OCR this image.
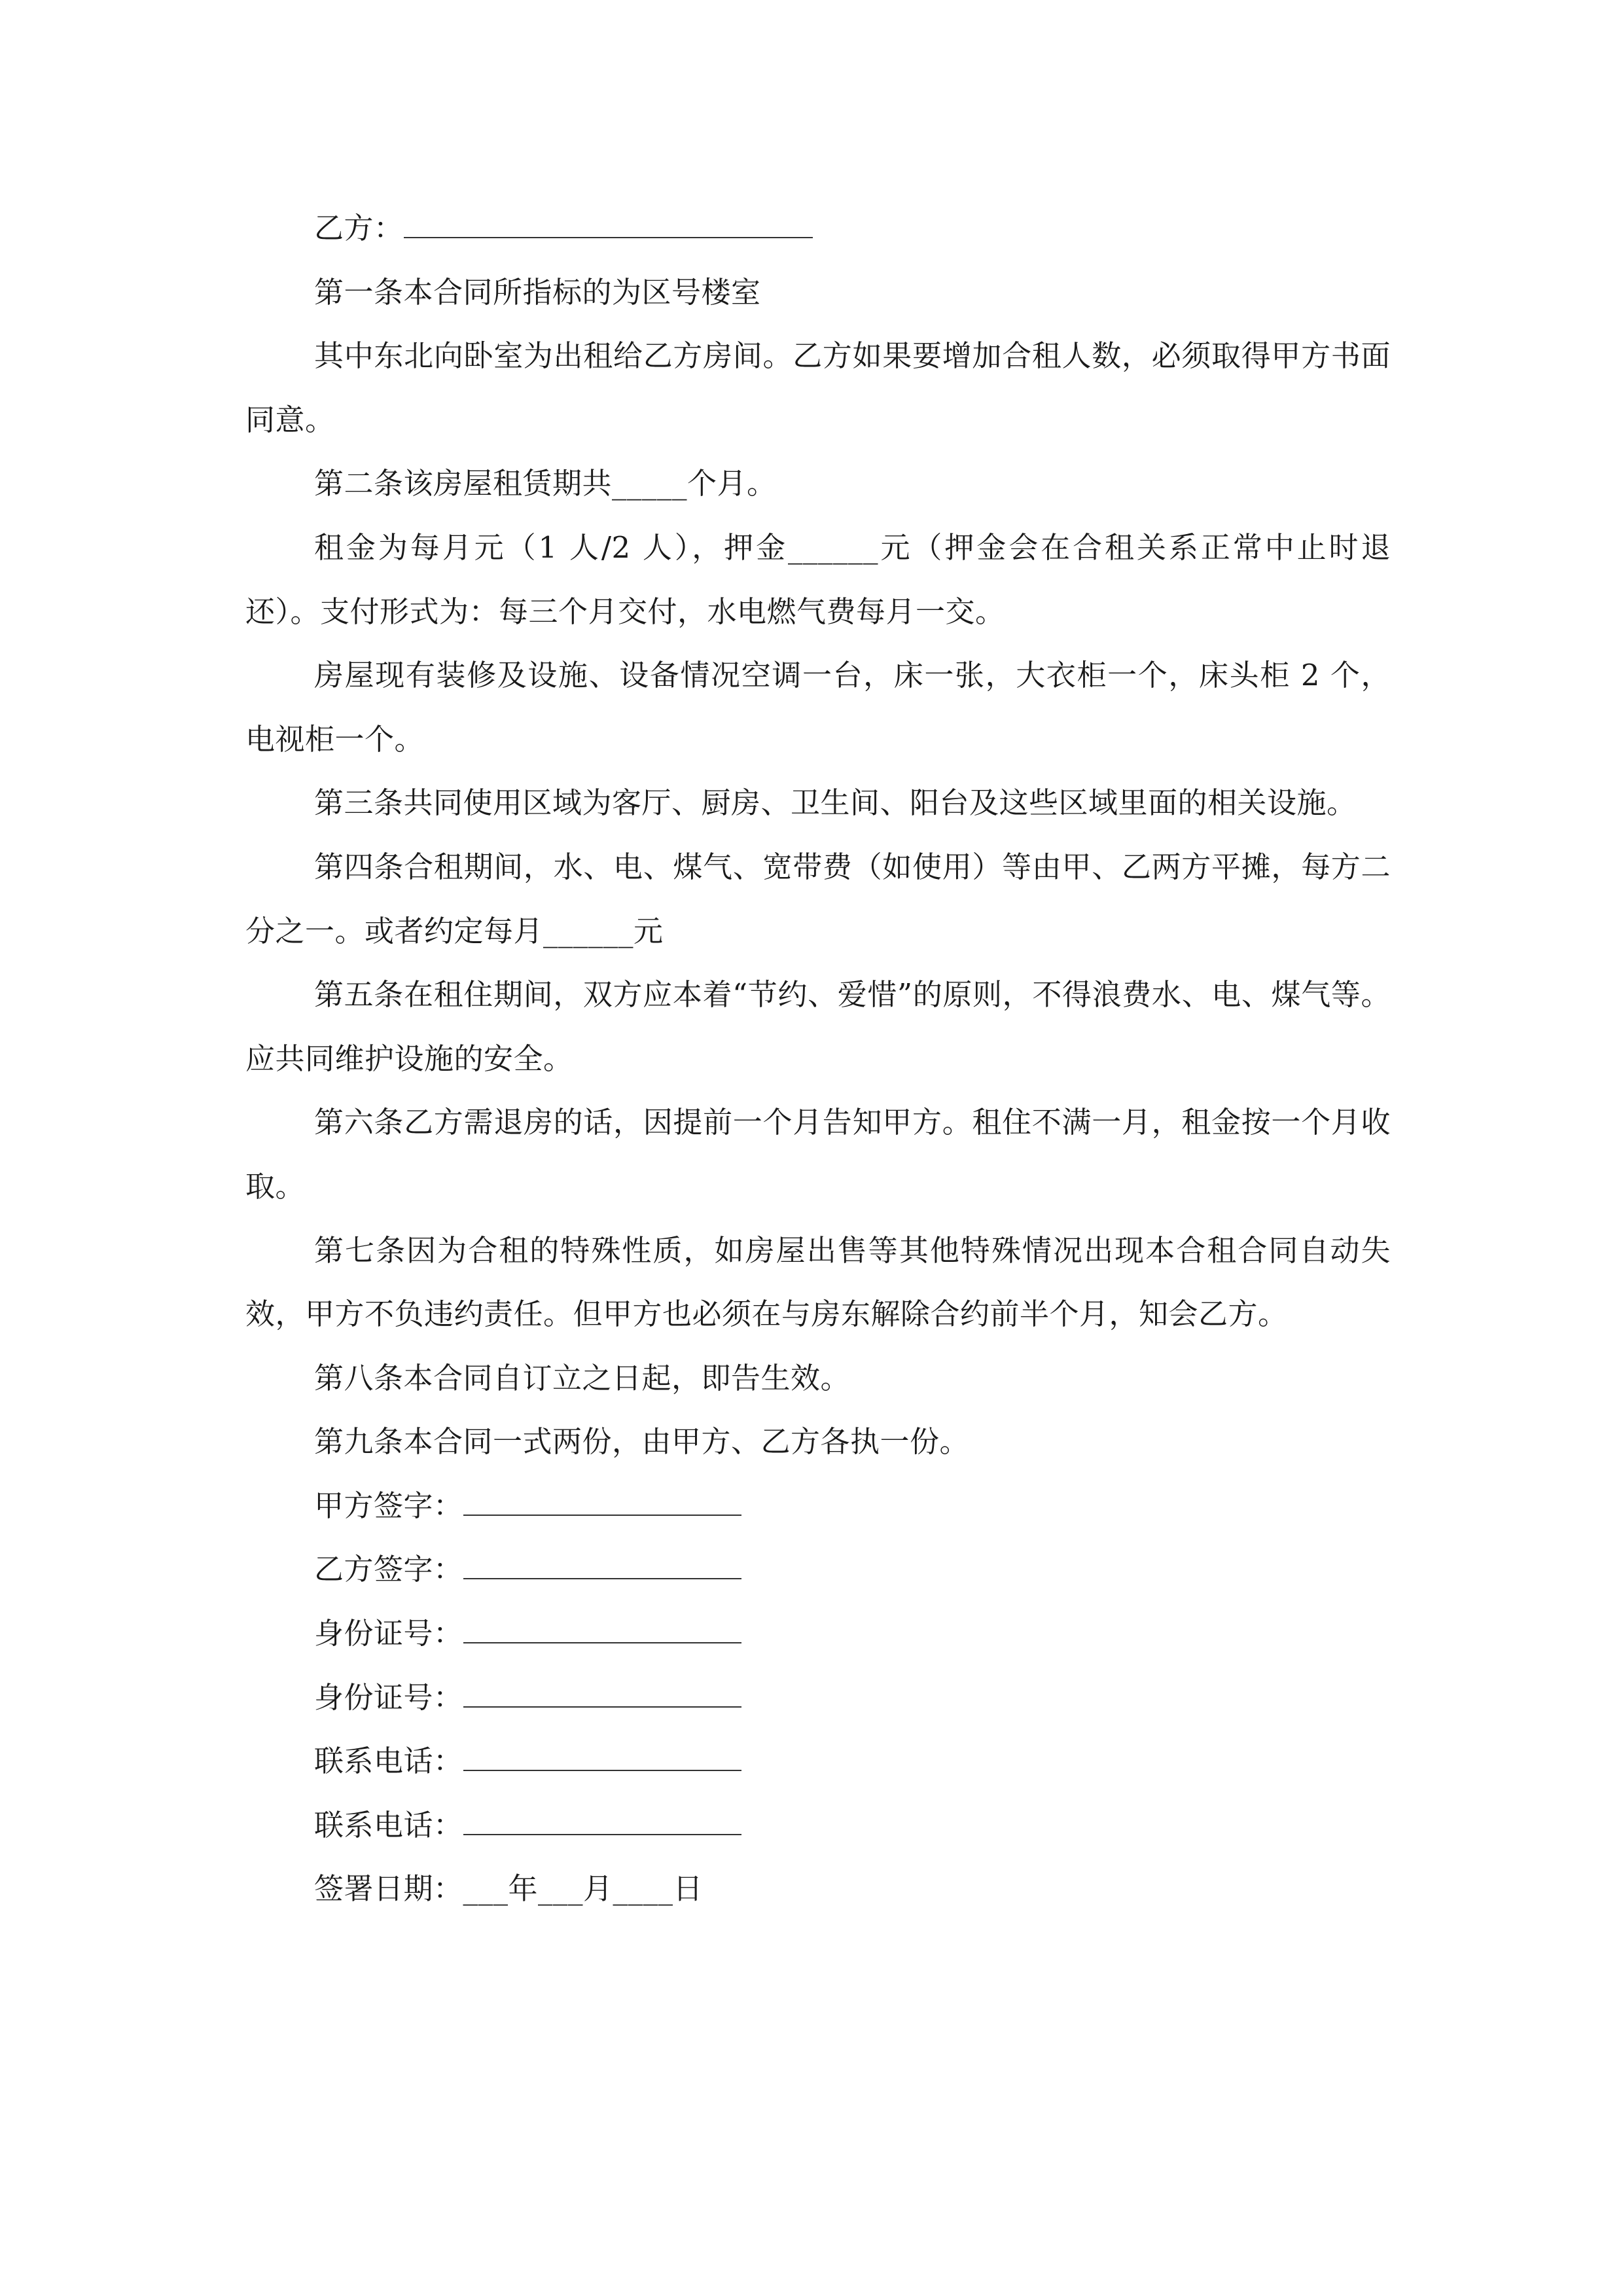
乙方：

第一条本合同所指标的为区号楼室

其中东北向卧室为出租给乙方房间。乙方如果要增加合租人数，必须取得甲方书面同意。

第二条该房屋租赁期共_____个月。

租金为每月元（1 人/2 人），押金______元（押金会在合租关系正常中止时退还）。支付形式为：每三个月交付，水电燃气费每月一交。

房屋现有装修及设施、设备情况空调一台，床一张，大衣柜一个，床头柜 2 个，电视柜一个。

第三条共同使用区域为客厅、厨房、卫生间、阳台及这些区域里面的相关设施。

第四条合租期间，水、电、煤气、宽带费（如使用）等由甲、乙两方平摊，每方二分之一。或者约定每月______元

第五条在租住期间，双方应本着“节约、爱惜”的原则，不得浪费水、电、煤气等。应共同维护设施的安全。

第六条乙方需退房的话，因提前一个月告知甲方。租住不满一月，租金按一个月收取。

第七条因为合租的特殊性质，如房屋出售等其他特殊情况出现本合租合同自动失效，甲方不负违约责任。但甲方也必须在与房东解除合约前半个月，知会乙方。

第八条本合同自订立之日起，即告生效。

第九条本合同一式两份，由甲方、乙方各执一份。

甲方签字：

乙方签字：

身份证号：

身份证号：

联系电话：

联系电话：

签署日期：___年___月____日
